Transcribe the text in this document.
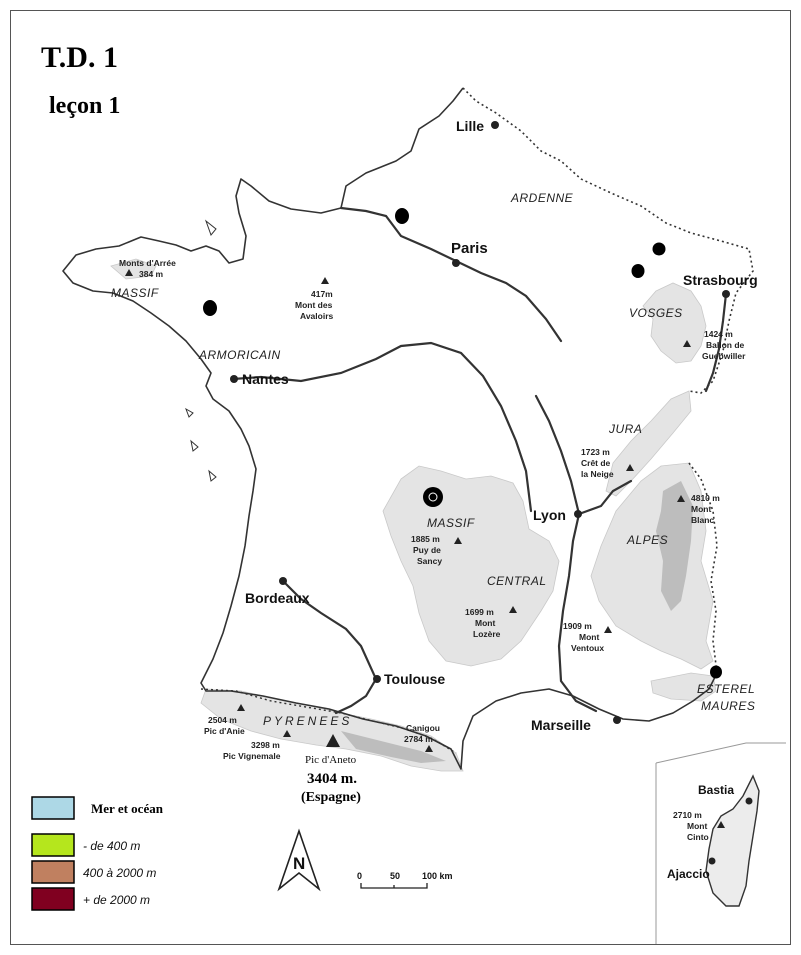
T.D. 1
leçon 1
Lille
Paris
Strasbourg
Nantes
Lyon
Bordeaux
Toulouse
Marseille
Bastia
Ajaccio
ARDENNE
MASSIF
ARMORICAIN
VOSGES
JURA
MASSIF
CENTRAL
ALPES
ESTEREL
MAURES
PYRENEES
Monts d'Arrée
384 m
417m
Mont des
Avaloirs
1424 m
Ballon de
Guebwiller
1723 m
Crêt de
la Neige
4810 m
Mont
Blanc
1885 m
Puy de
Sancy
1699 m
Mont
Lozère
1909 m
Mont
Ventoux
2504 m
Pic d'Anie
3298 m
Pic Vignemale
Canigou
2784 m
2710 m
Mont
Cinto
Pic d'Aneto
3404 m.
(Espagne)
Mer et océan
- de 400 m
400 à 2000 m
+ de 2000 m
N
0	50 100 km
